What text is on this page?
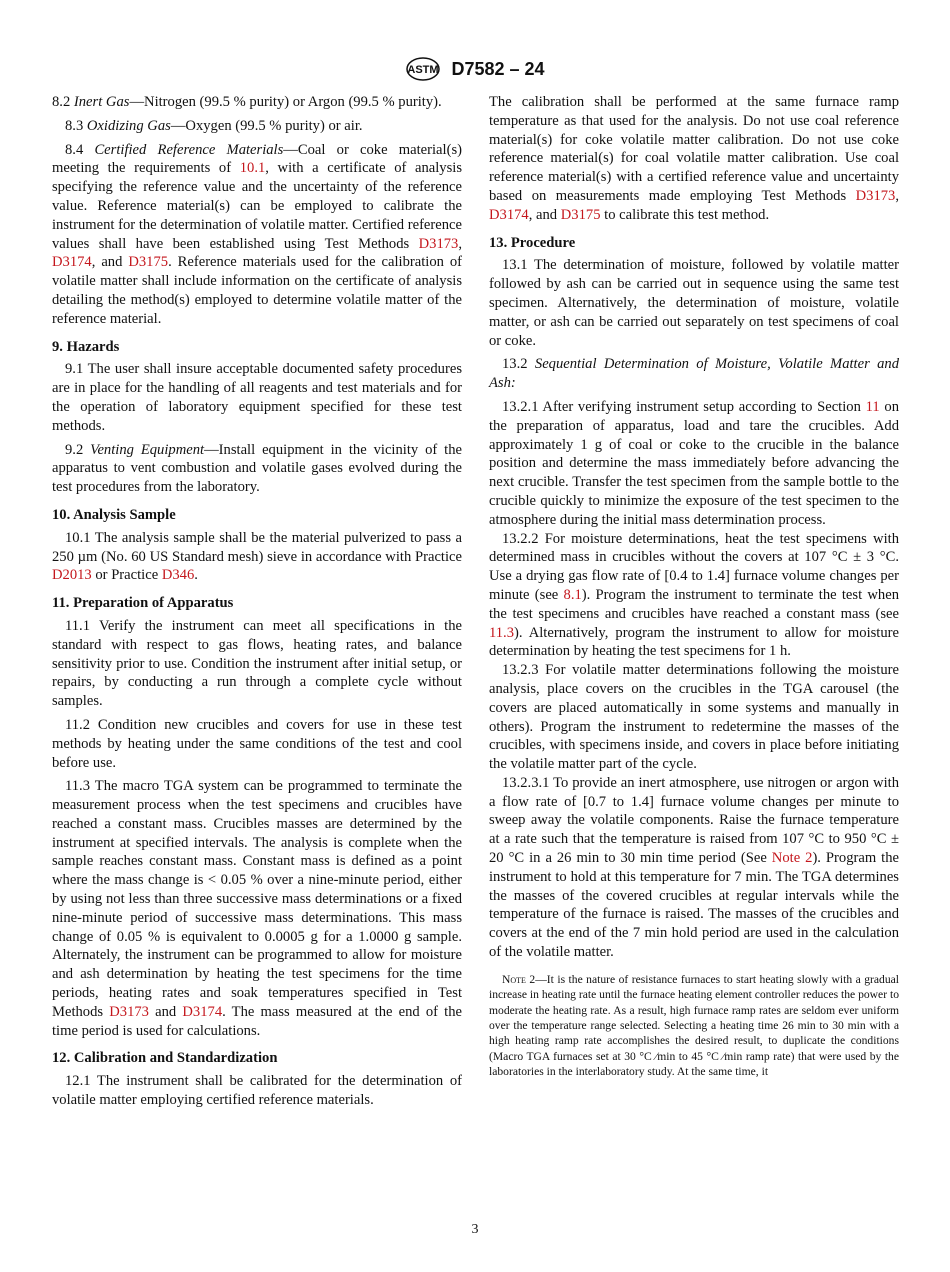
ASTM D7582 – 24

8.2 Inert Gas—Nitrogen (99.5 % purity) or Argon (99.5 % purity).

8.3 Oxidizing Gas—Oxygen (99.5 % purity) or air.

8.4 Certified Reference Materials—Coal or coke material(s) meeting the requirements of 10.1, with a certificate of analysis specifying the reference value and the uncertainty of the reference value. Reference material(s) can be employed to calibrate the instrument for the determination of volatile matter. Certified reference values shall have been established using Test Methods D3173, D3174, and D3175. Reference materials used for the calibration of volatile matter shall include information on the certificate of analysis detailing the method(s) employed to determine volatile matter of the reference material.

9. Hazards

9.1 The user shall insure acceptable documented safety procedures are in place for the handling of all reagents and test materials and for the operation of laboratory equipment specified for these test methods.

9.2 Venting Equipment—Install equipment in the vicinity of the apparatus to vent combustion and volatile gases evolved during the test procedures from the laboratory.

10. Analysis Sample

10.1 The analysis sample shall be the material pulverized to pass a 250 µm (No. 60 US Standard mesh) sieve in accordance with Practice D2013 or Practice D346.

11. Preparation of Apparatus

11.1 Verify the instrument can meet all specifications in the standard with respect to gas flows, heating rates, and balance sensitivity prior to use. Condition the instrument after initial setup, or repairs, by conducting a run through a complete cycle without samples.

11.2 Condition new crucibles and covers for use in these test methods by heating under the same conditions of the test and cool before use.

11.3 The macro TGA system can be programmed to terminate the measurement process when the test specimens and crucibles have reached a constant mass. Crucibles masses are determined by the instrument at specified intervals. The analysis is complete when the sample reaches constant mass. Constant mass is defined as a point where the mass change is < 0.05 % over a nine-minute period, either by using not less than three successive mass determinations or a fixed nine-minute period of successive mass determinations. This mass change of 0.05 % is equivalent to 0.0005 g for a 1.0000 g sample. Alternately, the instrument can be programmed to allow for moisture and ash determination by heating the test specimens for the time periods, heating rates and soak temperatures specified in Test Methods D3173 and D3174. The mass measured at the end of the time period is used for calculations.

12. Calibration and Standardization

12.1 The instrument shall be calibrated for the determination of volatile matter employing certified reference materials.

The calibration shall be performed at the same furnace ramp temperature as that used for the analysis. Do not use coal reference material(s) for coke volatile matter calibration. Do not use coke reference material(s) for coal volatile matter calibration. Use coal reference material(s) with a certified reference value and uncertainty based on measurements made employing Test Methods D3173, D3174, and D3175 to calibrate this test method.

13. Procedure

13.1 The determination of moisture, followed by volatile matter followed by ash can be carried out in sequence using the same test specimen. Alternatively, the determination of moisture, volatile matter, or ash can be carried out separately on test specimens of coal or coke.

13.2 Sequential Determination of Moisture, Volatile Matter and Ash:

13.2.1 After verifying instrument setup according to Section 11 on the preparation of apparatus, load and tare the crucibles. Add approximately 1 g of coal or coke to the crucible in the balance position and determine the mass immediately before advancing the next crucible. Transfer the test specimen from the sample bottle to the crucible quickly to minimize the exposure of the test specimen to the atmosphere during the initial mass determination process.

13.2.2 For moisture determinations, heat the test specimens with determined mass in crucibles without the covers at 107 °C ± 3 °C. Use a drying gas flow rate of [0.4 to 1.4] furnace volume changes per minute (see 8.1). Program the instrument to terminate the test when the test specimens and crucibles have reached a constant mass (see 11.3). Alternatively, program the instrument to allow for moisture determination by heating the test specimens for 1 h.

13.2.3 For volatile matter determinations following the moisture analysis, place covers on the crucibles in the TGA carousel (the covers are placed automatically in some systems and manually in others). Program the instrument to redetermine the masses of the crucibles, with specimens inside, and covers in place before initiating the volatile matter part of the cycle.

13.2.3.1 To provide an inert atmosphere, use nitrogen or argon with a flow rate of [0.7 to 1.4] furnace volume changes per minute to sweep away the volatile components. Raise the furnace temperature at a rate such that the temperature is raised from 107 °C to 950 °C ± 20 °C in a 26 min to 30 min time period (See Note 2). Program the instrument to hold at this temperature for 7 min. The TGA determines the masses of the covered crucibles at regular intervals while the temperature of the furnace is raised. The masses of the crucibles and covers at the end of the 7 min hold period are used in the calculation of the volatile matter.

Note 2—It is the nature of resistance furnaces to start heating slowly with a gradual increase in heating rate until the furnace heating element controller reduces the power to moderate the heating rate. As a result, high furnace ramp rates are seldom ever uniform over the temperature range selected. Selecting a heating time 26 min to 30 min with a high heating ramp rate accomplishes the desired result, to duplicate the conditions (Macro TGA furnaces set at 30 °C ⁄min to 45 °C ⁄min ramp rate) that were used by the laboratories in the interlaboratory study. At the same time, it

3
